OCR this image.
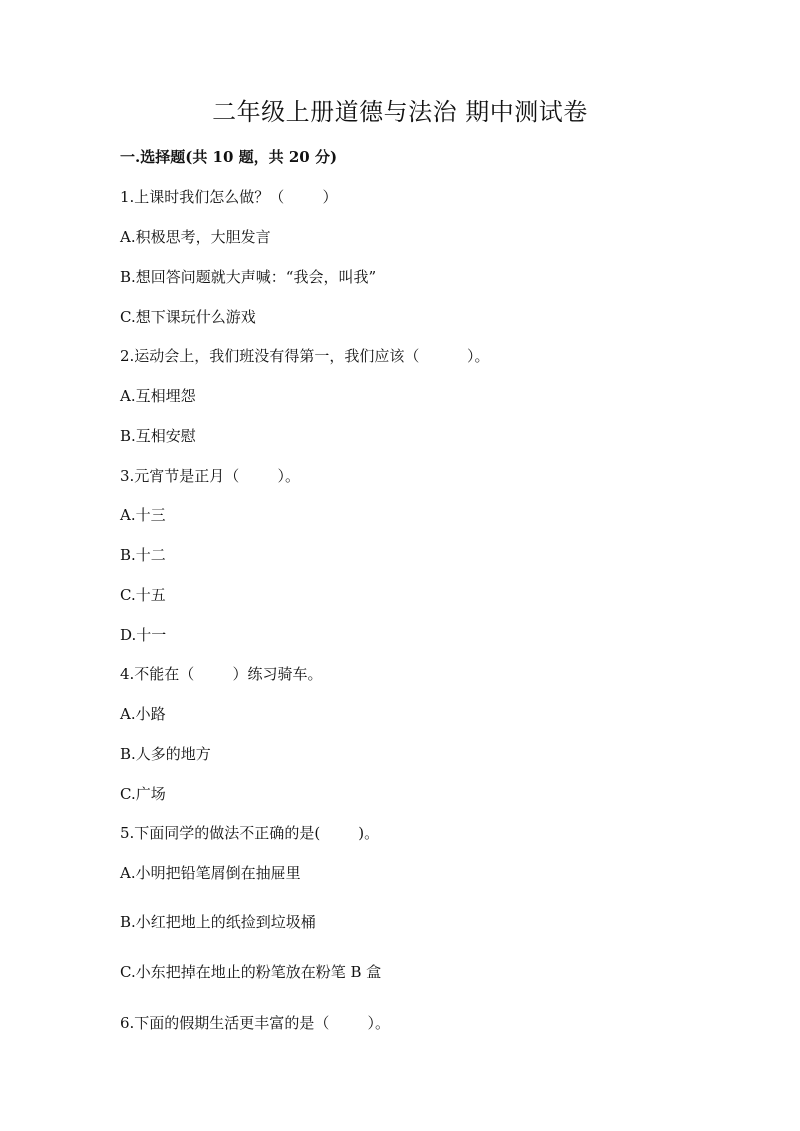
二年级上册道德与法治 期中测试卷

一.选择题(共 10 题，共 20 分)

1.上课时我们怎么做？（        ）

A.积极思考，大胆发言

B.想回答问题就大声喊：“我会，叫我”

C.想下课玩什么游戏

2.运动会上，我们班没有得第一，我们应该（          ）。

A.互相埋怨

B.互相安慰

3.元宵节是正月（        ）。

A.十三

B.十二

C.十五

D.十一

4.不能在（        ）练习骑车。

A.小路

B.人多的地方

C.广场

5.下面同学的做法不正确的是(        )。

A.小明把铅笔屑倒在抽屉里

B.小红把地上的纸捡到垃圾桶

C.小东把掉在地止的粉笔放在粉笔 B 盒

6.下面的假期生活更丰富的是（        ）。
